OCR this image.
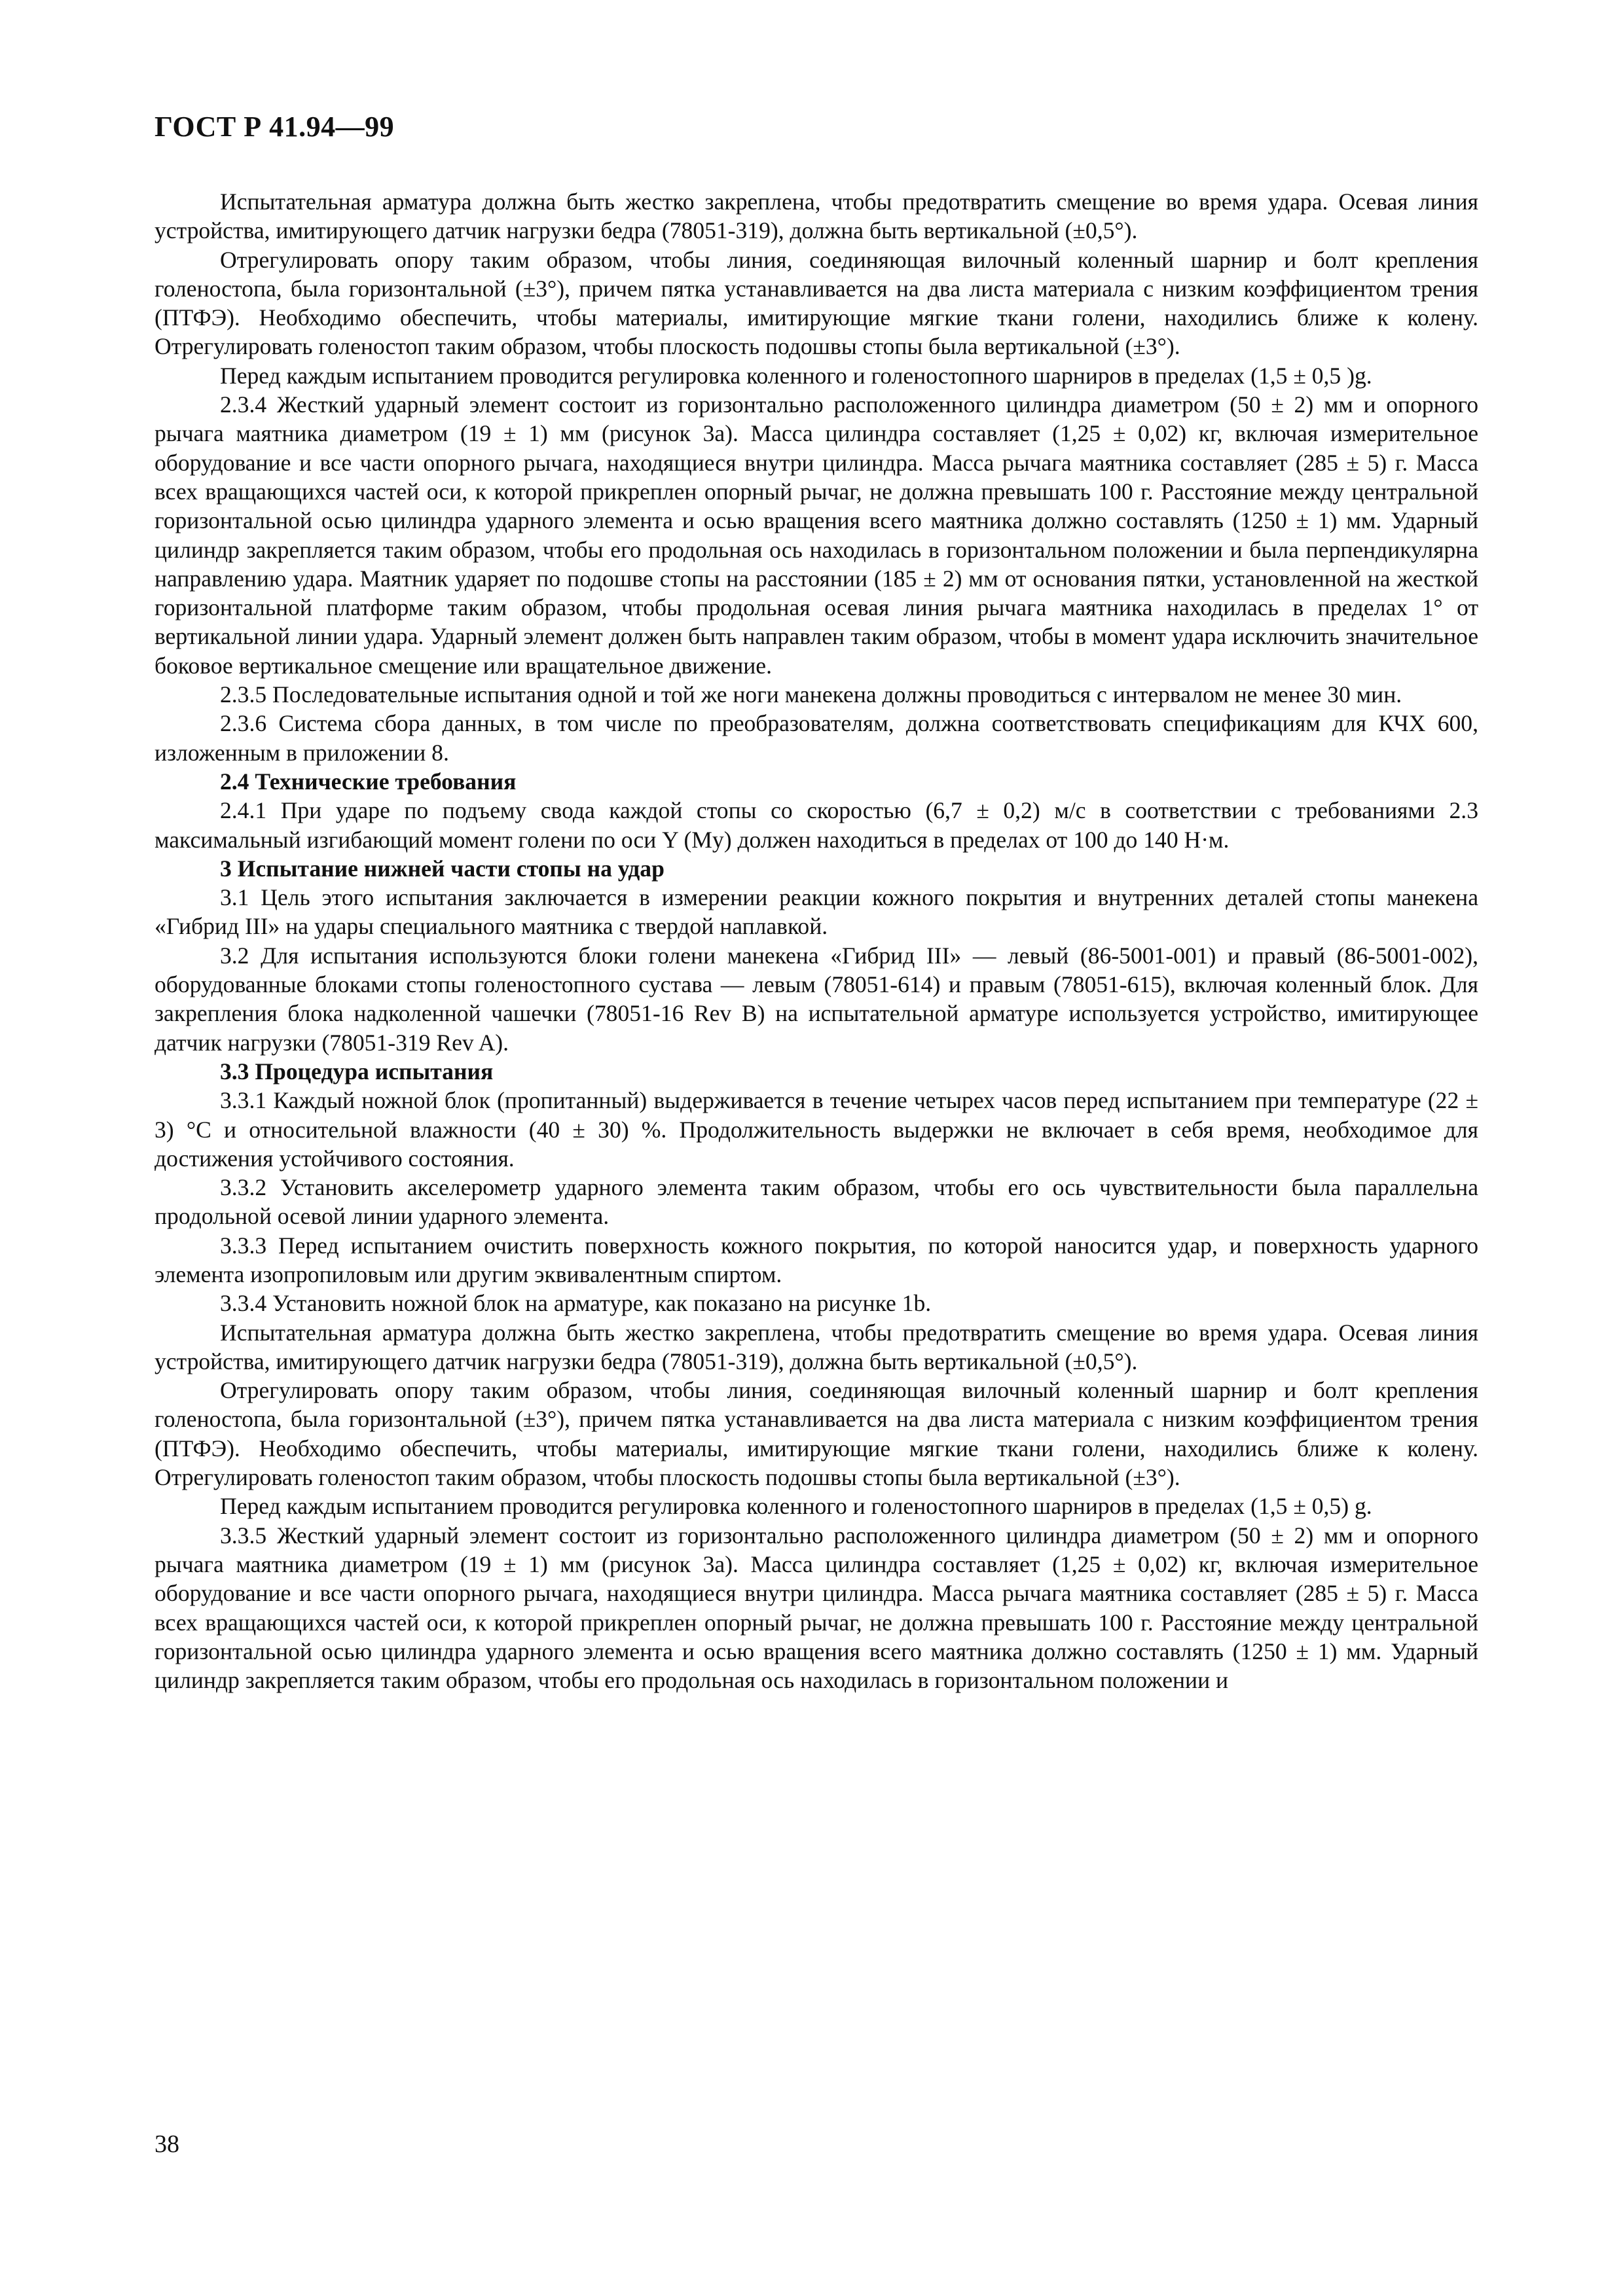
ГОСТ Р 41.94—99

Испытательная арматура должна быть жестко закреплена, чтобы предотвратить смещение во время удара. Осевая линия устройства, имитирующего датчик нагрузки бедра (78051-319), должна быть вертикальной (±0,5°).

Отрегулировать опору таким образом, чтобы линия, соединяющая вилочный коленный шарнир и болт крепления голеностопа, была горизонтальной (±3°), причем пятка устанавливается на два листа материала с низким коэффициентом трения (ПТФЭ). Необходимо обеспечить, чтобы материалы, имитирующие мягкие ткани голени, находились ближе к колену. Отрегулировать голеностоп таким образом, чтобы плоскость подошвы стопы была вертикальной (±3°).

Перед каждым испытанием проводится регулировка коленного и голеностопного шарниров в пределах (1,5 ± 0,5 )g.

2.3.4 Жесткий ударный элемент состоит из горизонтально расположенного цилиндра диаметром (50 ± 2) мм и опорного рычага маятника диаметром (19 ± 1) мм (рисунок 3а). Масса цилиндра составляет (1,25 ± 0,02) кг, включая измерительное оборудование и все части опорного рычага, находящиеся внутри цилиндра. Масса рычага маятника составляет (285 ± 5) г. Масса всех вращающихся частей оси, к которой прикреплен опорный рычаг, не должна превышать 100 г. Расстояние между центральной горизонтальной осью цилиндра ударного элемента и осью вращения всего маятника должно составлять (1250 ± 1) мм. Ударный цилиндр закрепляется таким образом, чтобы его продольная ось находилась в горизонтальном положении и была перпендикулярна направлению удара. Маятник ударяет по подошве стопы на расстоянии (185 ± 2) мм от основания пятки, установленной на жесткой горизонтальной платформе таким образом, чтобы продольная осевая линия рычага маятника находилась в пределах 1° от вертикальной линии удара. Ударный элемент должен быть направлен таким образом, чтобы в момент удара исключить значительное боковое вертикальное смещение или вращательное движение.

2.3.5 Последовательные испытания одной и той же ноги манекена должны проводиться с интервалом не менее 30 мин.

2.3.6 Система сбора данных, в том числе по преобразователям, должна соответствовать спецификациям для КЧХ 600, изложенным в приложении 8.

2.4 Технические требования

2.4.1 При ударе по подъему свода каждой стопы со скоростью (6,7 ± 0,2) м/с в соответствии с требованиями 2.3 максимальный изгибающий момент голени по оси Y (My) должен находиться в пределах от 100 до 140 Н·м.

3 Испытание нижней части стопы на удар

3.1 Цель этого испытания заключается в измерении реакции кожного покрытия и внутренних деталей стопы манекена «Гибрид III» на удары специального маятника с твердой наплавкой.

3.2 Для испытания используются блоки голени манекена «Гибрид III» — левый (86-5001-001) и правый (86-5001-002), оборудованные блоками стопы голеностопного сустава — левым (78051-614) и правым (78051-615), включая коленный блок. Для закрепления блока надколенной чашечки (78051-16 Rev В) на испытательной арматуре используется устройство, имитирующее датчик нагрузки (78051-319 Rev A).

3.3 Процедура испытания

3.3.1 Каждый ножной блок (пропитанный) выдерживается в течение четырех часов перед испытанием при температуре (22 ± 3) °С и относительной влажности (40 ± 30) %. Продолжительность выдержки не включает в себя время, необходимое для достижения устойчивого состояния.

3.3.2 Установить акселерометр ударного элемента таким образом, чтобы его ось чувствительности была параллельна продольной осевой линии ударного элемента.

3.3.3 Перед испытанием очистить поверхность кожного покрытия, по которой наносится удар, и поверхность ударного элемента изопропиловым или другим эквивалентным спиртом.

3.3.4 Установить ножной блок на арматуре, как показано на рисунке 1b.

Испытательная арматура должна быть жестко закреплена, чтобы предотвратить смещение во время удара. Осевая линия устройства, имитирующего датчик нагрузки бедра (78051-319), должна быть вертикальной (±0,5°).

Отрегулировать опору таким образом, чтобы линия, соединяющая вилочный коленный шарнир и болт крепления голеностопа, была горизонтальной (±3°), причем пятка устанавливается на два листа материала с низким коэффициентом трения (ПТФЭ). Необходимо обеспечить, чтобы материалы, имитирующие мягкие ткани голени, находились ближе к колену. Отрегулировать голеностоп таким образом, чтобы плоскость подошвы стопы была вертикальной (±3°).

Перед каждым испытанием проводится регулировка коленного и голеностопного шарниров в пределах (1,5 ± 0,5) g.

3.3.5 Жесткий ударный элемент состоит из горизонтально расположенного цилиндра диаметром (50 ± 2) мм и опорного рычага маятника диаметром (19 ± 1) мм (рисунок 3а). Масса цилиндра составляет (1,25 ± 0,02) кг, включая измерительное оборудование и все части опорного рычага, находящиеся внутри цилиндра. Масса рычага маятника составляет (285 ± 5) г. Масса всех вращающихся частей оси, к которой прикреплен опорный рычаг, не должна превышать 100 г. Расстояние между центральной горизонтальной осью цилиндра ударного элемента и осью вращения всего маятника должно составлять (1250 ± 1) мм. Ударный цилиндр закрепляется таким образом, чтобы его продольная ось находилась в горизонтальном положении и

38
